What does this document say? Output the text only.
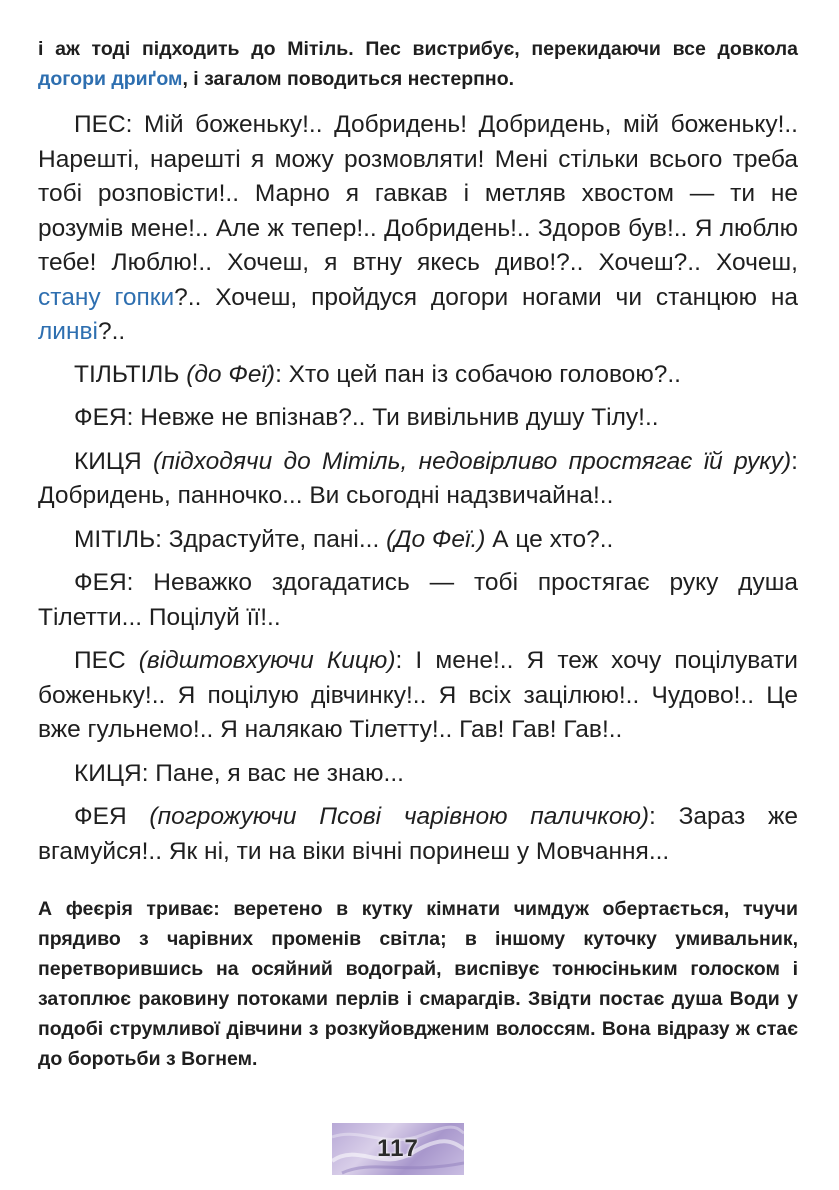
і аж тоді підходить до Мітіль. Пес вистрибує, перекидаючи все довкола догори дриґом, і загалом поводиться нестерпно.

ПЕС: Мій боженьку!.. Добридень! Добридень, мій боженьку!.. Нарешті, нарешті я можу розмовляти! Мені стільки всього треба тобі розповісти!.. Марно я гавкав і метляв хвостом — ти не розумів мене!.. Але ж тепер!.. Добридень!.. Здоров був!.. Я люблю тебе! Люблю!.. Хочеш, я втну якесь диво!?.. Хочеш?.. Хочеш, стану гопки?.. Хочеш, пройдуся догори ногами чи станцюю на линві?..

ТІЛЬТІЛЬ (до Феї): Хто цей пан із собачою головою?..

ФЕЯ: Невже не впізнав?.. Ти вивільнив душу Тілу!..

КИЦЯ (підходячи до Мітіль, недовірливо простягає їй руку): Добридень, панночко... Ви сьогодні надзвичайна!..

МІТІЛЬ: Здрастуйте, пані... (До Феї.) А це хто?..

ФЕЯ: Неважко здогадатись — тобі простягає руку душа Тілетти... Поцілуй її!..

ПЕС (відштовхуючи Кицю): І мене!.. Я теж хочу поцілувати боженьку!.. Я поцілую дівчинку!.. Я всіх зацілюю!.. Чудово!.. Це вже гульнемо!.. Я налякаю Тілетту!.. Гав! Гав! Гав!..

КИЦЯ: Пане, я вас не знаю...

ФЕЯ (погрожуючи Псові чарівною паличкою): Зараз же вгамуйся!.. Як ні, ти на віки вічні поринеш у Мовчання...

А феєрія триває: веретено в кутку кімнати чимдуж обертається, тчучи прядиво з чарівних променів світла; в іншому куточку умивальник, перетворившись на осяйний водограй, виспівує тонюсіньким голоском і затоплює раковину потоками перлів і смарагдів. Звідти постає душа Води у подобі струмливої дівчини з розкуйовдженим волоссям. Вона відразу ж стає до боротьби з Вогнем.

117
